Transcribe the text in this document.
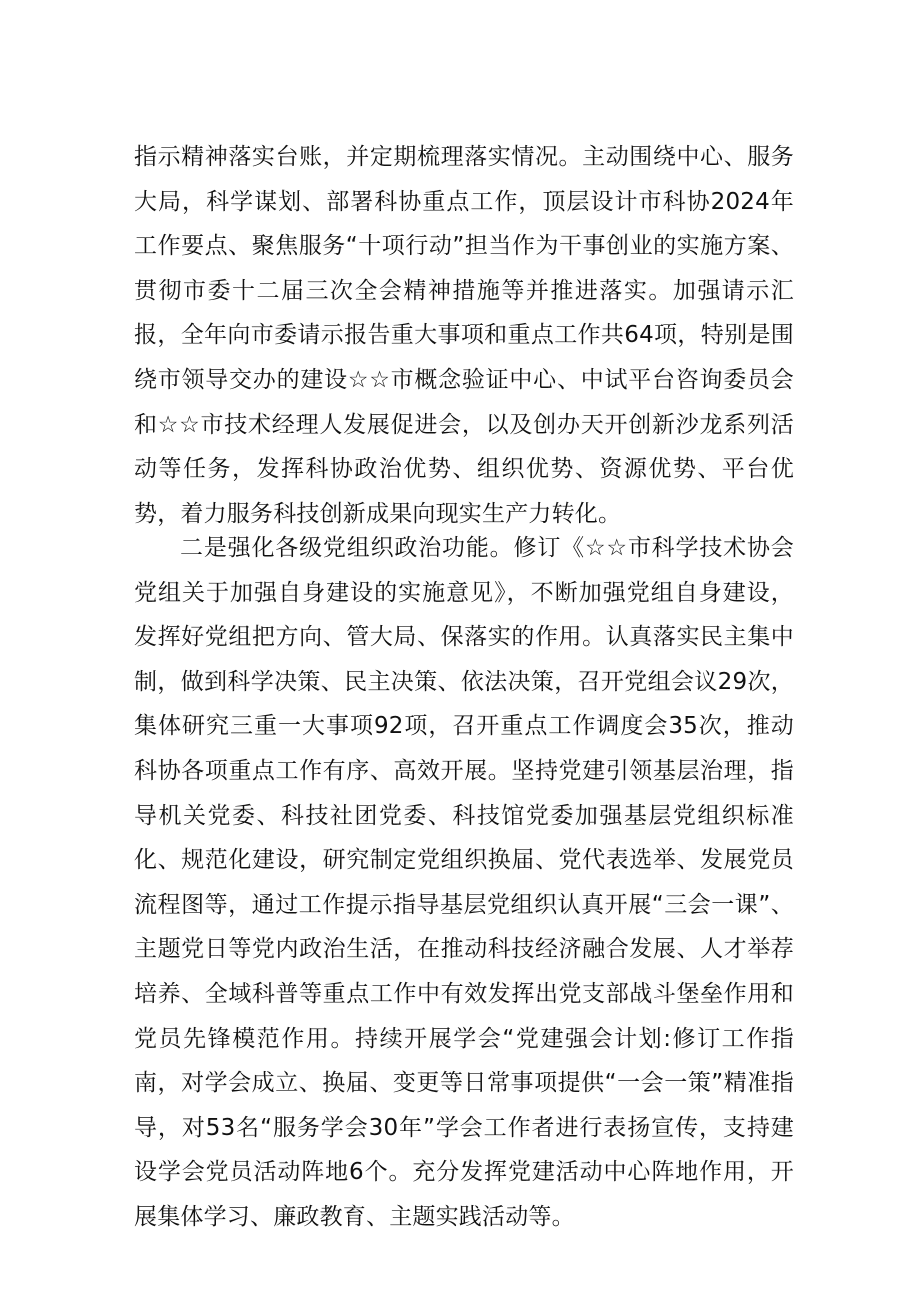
指示精神落实台账，并定期梳理落实情况。主动围绕中心、服务大局，科学谋划、部署科协重点工作，顶层设计市科协2024年工作要点、聚焦服务“十项行动”担当作为干事创业的实施方案、贯彻市委十二届三次全会精神措施等并推进落实。加强请示汇报，全年向市委请示报告重大事项和重点工作共64项，特别是围绕市领导交办的建设☆☆市概念验证中心、中试平台咨询委员会和☆☆市技术经理人发展促进会，以及创办天开创新沙龙系列活动等任务，发挥科协政治优势、组织优势、资源优势、平台优势，着力服务科技创新成果向现实生产力转化。

二是强化各级党组织政治功能。修订《☆☆市科学技术协会党组关于加强自身建设的实施意见》，不断加强党组自身建设，发挥好党组把方向、管大局、保落实的作用。认真落实民主集中制，做到科学决策、民主决策、依法决策，召开党组会议29次，集体研究三重一大事项92项，召开重点工作调度会35次，推动科协各项重点工作有序、高效开展。坚持党建引领基层治理，指导机关党委、科技社团党委、科技馆党委加强基层党组织标准化、规范化建设，研究制定党组织换届、党代表选举、发展党员流程图等，通过工作提示指导基层党组织认真开展“三会一课”、主题党日等党内政治生活，在推动科技经济融合发展、人才举荐培养、全域科普等重点工作中有效发挥出党支部战斗堡垒作用和党员先锋模范作用。持续开展学会“党建强会计划:修订工作指南，对学会成立、换届、变更等日常事项提供“一会一策”精准指导，对53名“服务学会30年”学会工作者进行表扬宣传，支持建设学会党员活动阵地6个。充分发挥党建活动中心阵地作用，开展集体学习、廉政教育、主题实践活动等。
